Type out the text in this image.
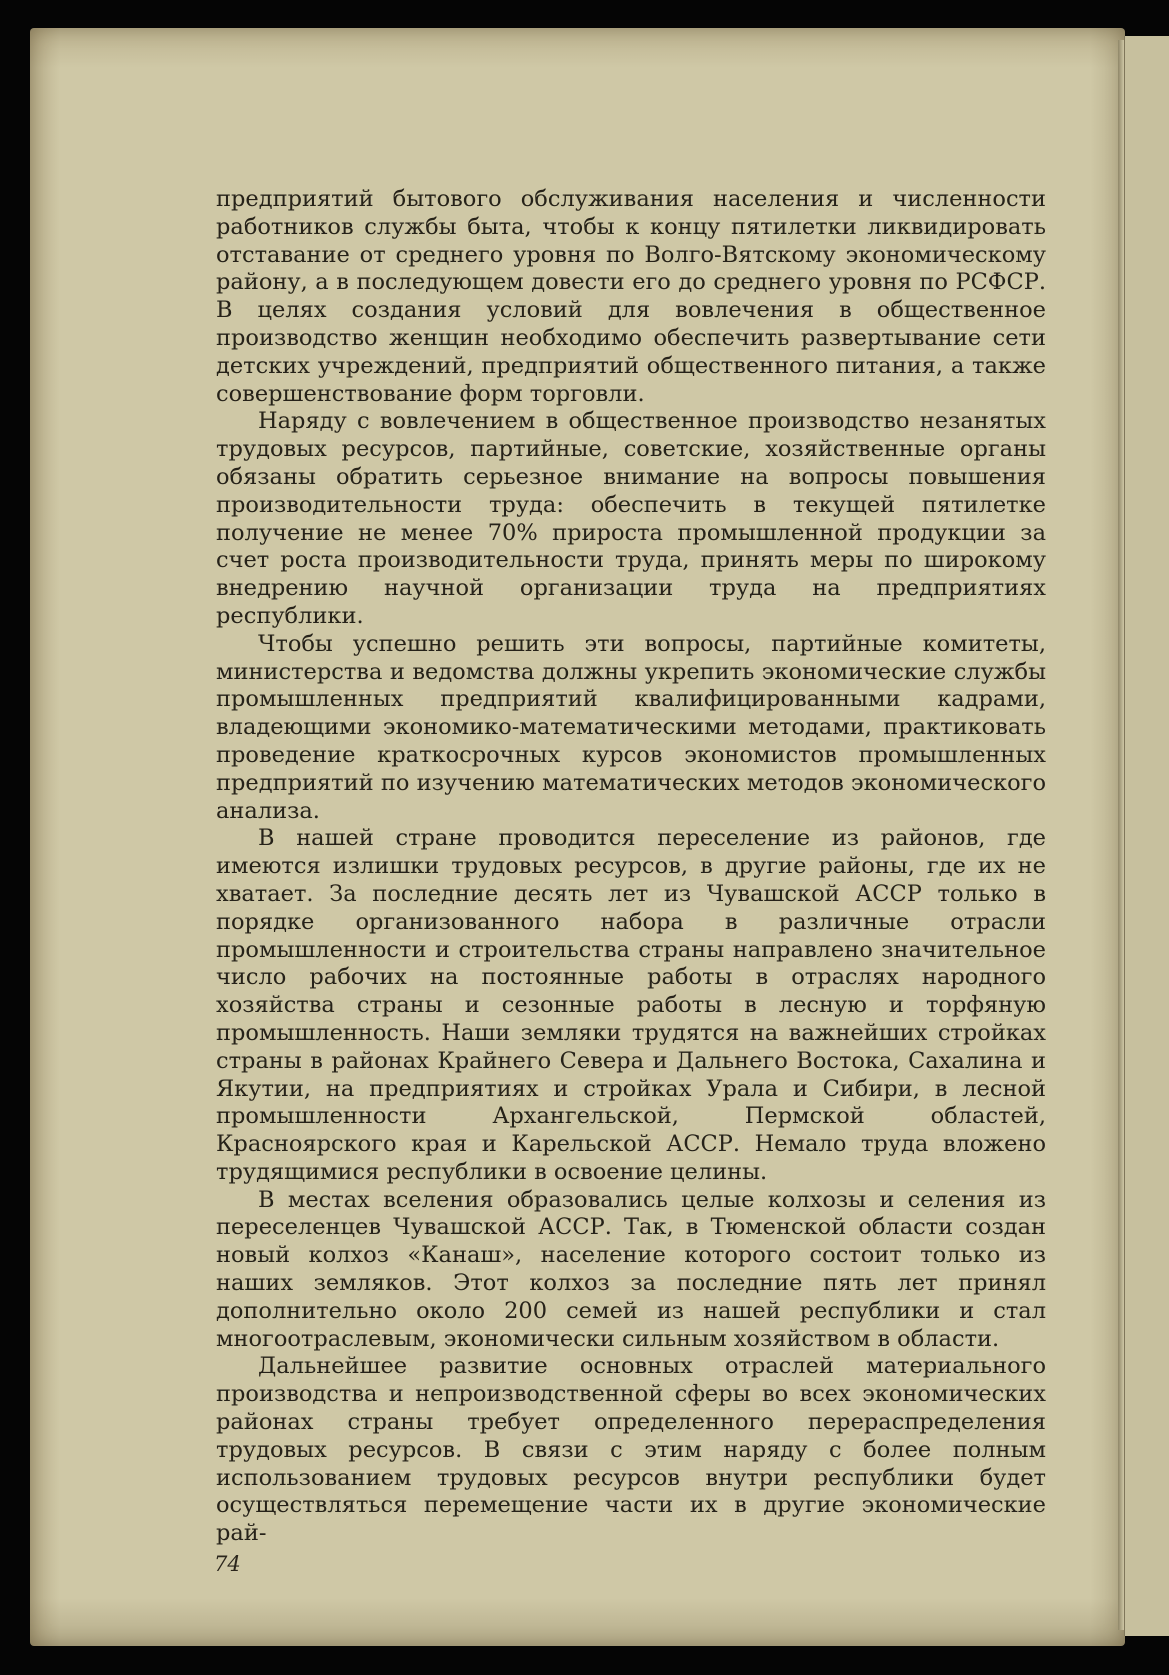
предприятий бытового обслуживания населения и численности работников службы быта, чтобы к концу пятилетки ликвидировать отставание от среднего уровня по Волго-Вятскому экономическому району, а в последующем довести его до среднего уровня по РСФСР. В целях создания условий для вовлечения в общественное производство женщин необходимо обеспечить развертывание сети детских учреждений, предприятий общественного питания, а также совершенствование форм торговли.

Наряду с вовлечением в общественное производство незанятых трудовых ресурсов, партийные, советские, хозяйственные органы обязаны обратить серьезное внимание на вопросы повышения производительности труда: обеспечить в текущей пятилетке получение не менее 70% прироста промышленной продукции за счет роста производительности труда, принять меры по широкому внедрению научной организации труда на предприятиях республики.

Чтобы успешно решить эти вопросы, партийные комитеты, министерства и ведомства должны укрепить экономические службы промышленных предприятий квалифицированными кадрами, владеющими экономико-математическими методами, практиковать проведение краткосрочных курсов экономистов промышленных предприятий по изучению математических методов экономического анализа.

В нашей стране проводится переселение из районов, где имеются излишки трудовых ресурсов, в другие районы, где их не хватает. За последние десять лет из Чувашской АССР только в порядке организованного набора в различные отрасли промышленности и строительства страны направлено значительное число рабочих на постоянные работы в отраслях народного хозяйства страны и сезонные работы в лесную и торфяную промышленность. Наши земляки трудятся на важнейших стройках страны в районах Крайнего Севера и Дальнего Востока, Сахалина и Якутии, на предприятиях и стройках Урала и Сибири, в лесной промышленности Архангельской, Пермской областей, Красноярского края и Карельской АССР. Немало труда вложено трудящимися республики в освоение целины.

В местах вселения образовались целые колхозы и селения из переселенцев Чувашской АССР. Так, в Тюменской области создан новый колхоз «Канаш», население которого состоит только из наших земляков. Этот колхоз за последние пять лет принял дополнительно около 200 семей из нашей республики и стал многоотраслевым, экономически сильным хозяйством в области.

Дальнейшее развитие основных отраслей материального производства и непроизводственной сферы во всех экономических районах страны требует определенного перераспределения трудовых ресурсов. В связи с этим наряду с более полным использованием трудовых ресурсов внутри республики будет осуществляться перемещение части их в другие экономические рай-

74
